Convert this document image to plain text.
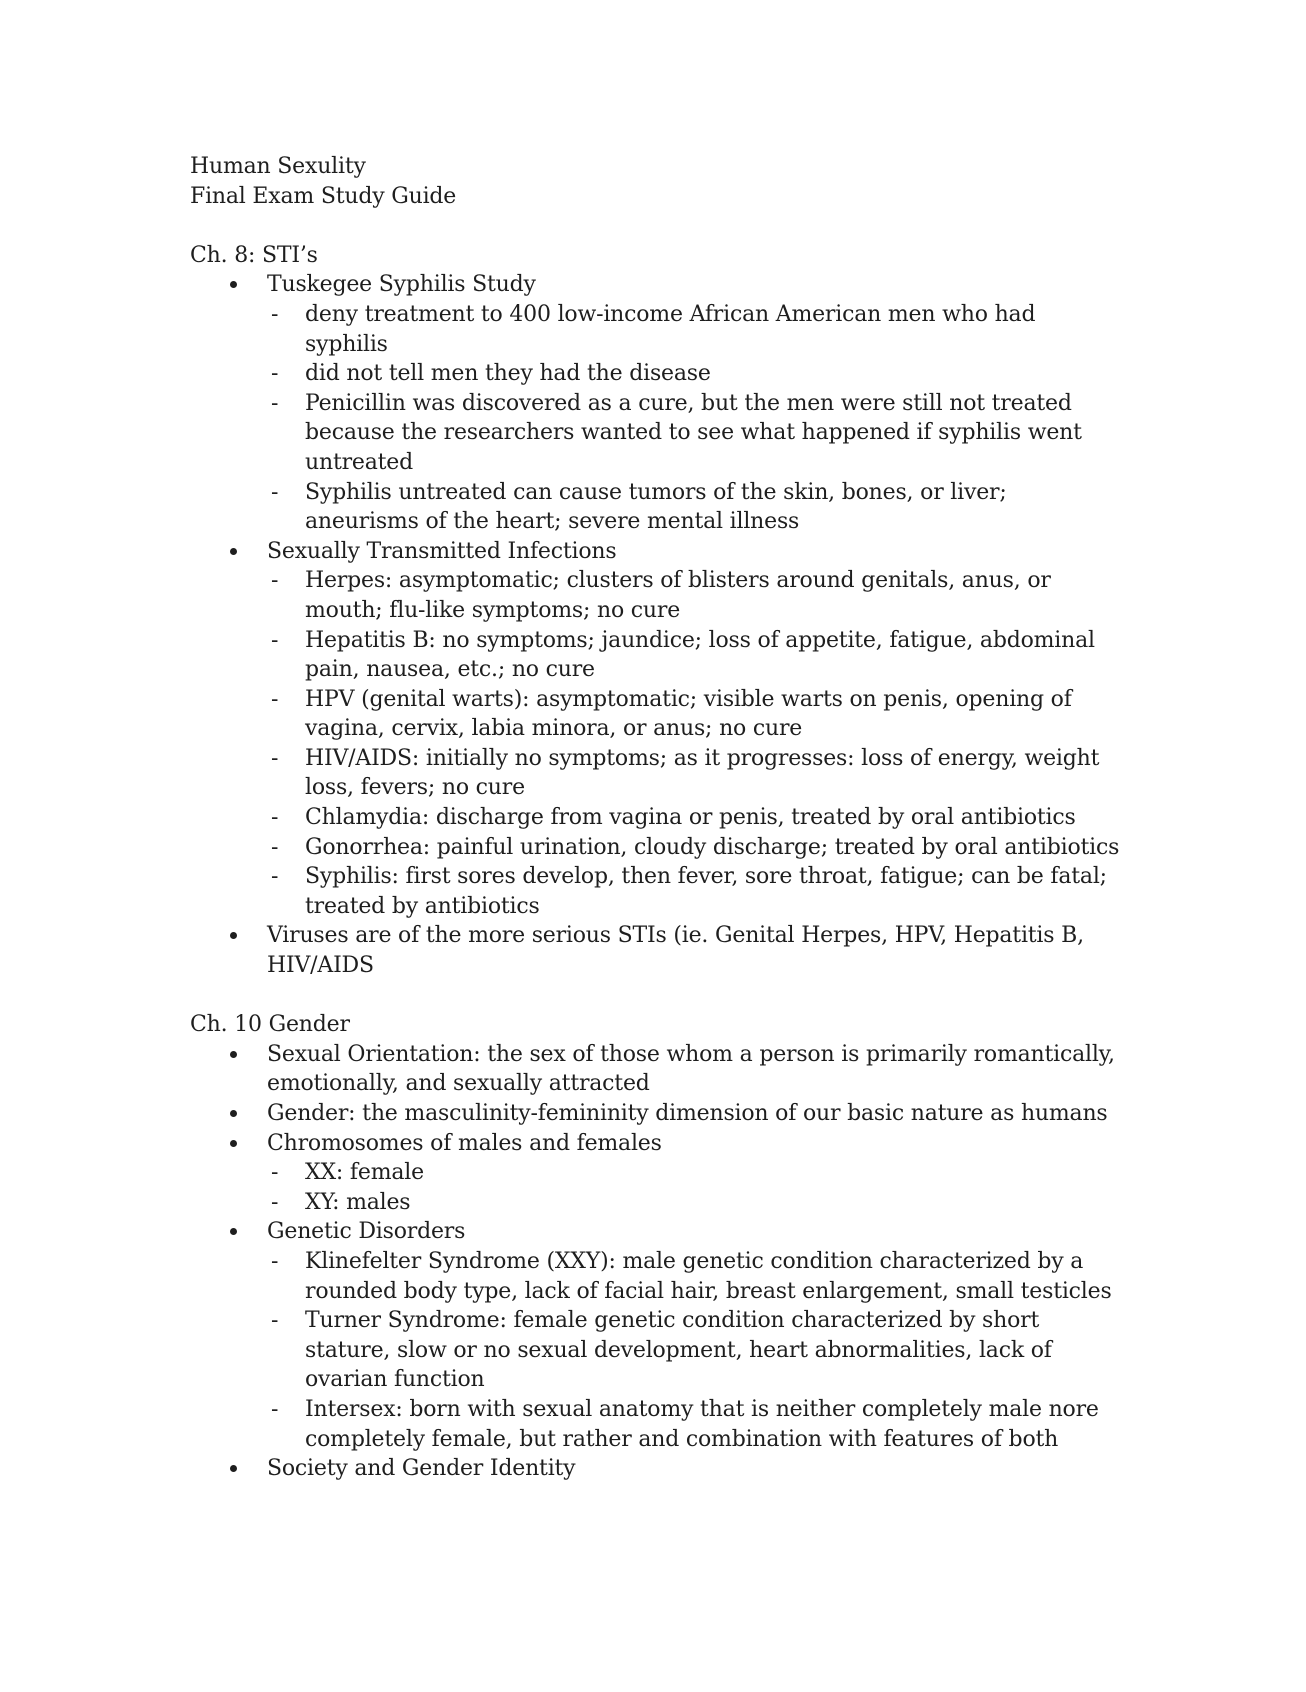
Human Sexulity
Final Exam Study Guide
Ch. 8: STI’s
Tuskegee Syphilis Study
- deny treatment to 400 low-income African American men who had
syphilis
- did not tell men they had the disease
- Penicillin was discovered as a cure, but the men were still not treated
because the researchers wanted to see what happened if syphilis went
untreated
- Syphilis untreated can cause tumors of the skin, bones, or liver;
aneurisms of the heart; severe mental illness
Sexually Transmitted Infections
- Herpes: asymptomatic; clusters of blisters around genitals, anus, or
mouth; flu-like symptoms; no cure
- Hepatitis B: no symptoms; jaundice; loss of appetite, fatigue, abdominal
pain, nausea, etc.; no cure
- HPV (genital warts): asymptomatic; visible warts on penis, opening of
vagina, cervix, labia minora, or anus; no cure
- HIV/AIDS: initially no symptoms; as it progresses: loss of energy, weight
loss, fevers; no cure
- Chlamydia: discharge from vagina or penis, treated by oral antibiotics
- Gonorrhea: painful urination, cloudy discharge; treated by oral antibiotics
- Syphilis: first sores develop, then fever, sore throat, fatigue; can be fatal;
treated by antibiotics
Viruses are of the more serious STIs (ie. Genital Herpes, HPV, Hepatitis B,
HIV/AIDS
Ch. 10 Gender
Sexual Orientation: the sex of those whom a person is primarily romantically,
emotionally, and sexually attracted
Gender: the masculinity-femininity dimension of our basic nature as humans
Chromosomes of males and females
- XX: female
- XY: males
Genetic Disorders
- Klinefelter Syndrome (XXY): male genetic condition characterized by a
rounded body type, lack of facial hair, breast enlargement, small testicles
- Turner Syndrome: female genetic condition characterized by short
stature, slow or no sexual development, heart abnormalities, lack of
ovarian function
- Intersex: born with sexual anatomy that is neither completely male nore
completely female, but rather and combination with features of both
Society and Gender Identity
